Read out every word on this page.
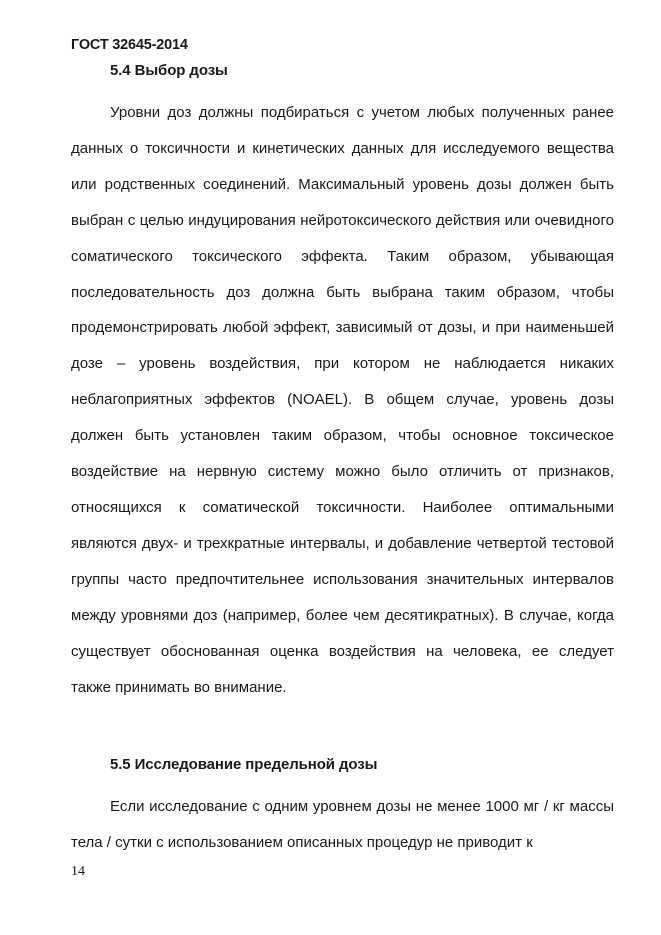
ГОСТ 32645-2014
5.4 Выбор дозы

Уровни доз должны подбираться с учетом любых полученных ранее данных о токсичности и кинетических данных для исследуемого вещества или родственных соединений. Максимальный уровень дозы должен быть выбран с целью индуцирования нейротоксического действия или очевидного соматического токсического эффекта. Таким образом, убывающая последовательность доз должна быть выбрана таким образом, чтобы продемонстрировать любой эффект, зависимый от дозы, и при наименьшей дозе – уровень воздействия, при котором не наблюдается никаких неблагоприятных эффектов (NOAEL). В общем случае, уровень дозы должен быть установлен таким образом, чтобы основное токсическое воздействие на нервную систему можно было отличить от признаков, относящихся к соматической токсичности. Наиболее оптимальными являются двух- и трехкратные интервалы, и добавление четвертой тестовой группы часто предпочтительнее использования значительных интервалов между уровнями доз (например, более чем десятикратных). В случае, когда существует обоснованная оценка воздействия на человека, ее следует также принимать во внимание.

5.5 Исследование предельной дозы

Если исследование с одним уровнем дозы не менее 1000 мг / кг массы тела / сутки с использованием описанных процедур не приводит к

14
